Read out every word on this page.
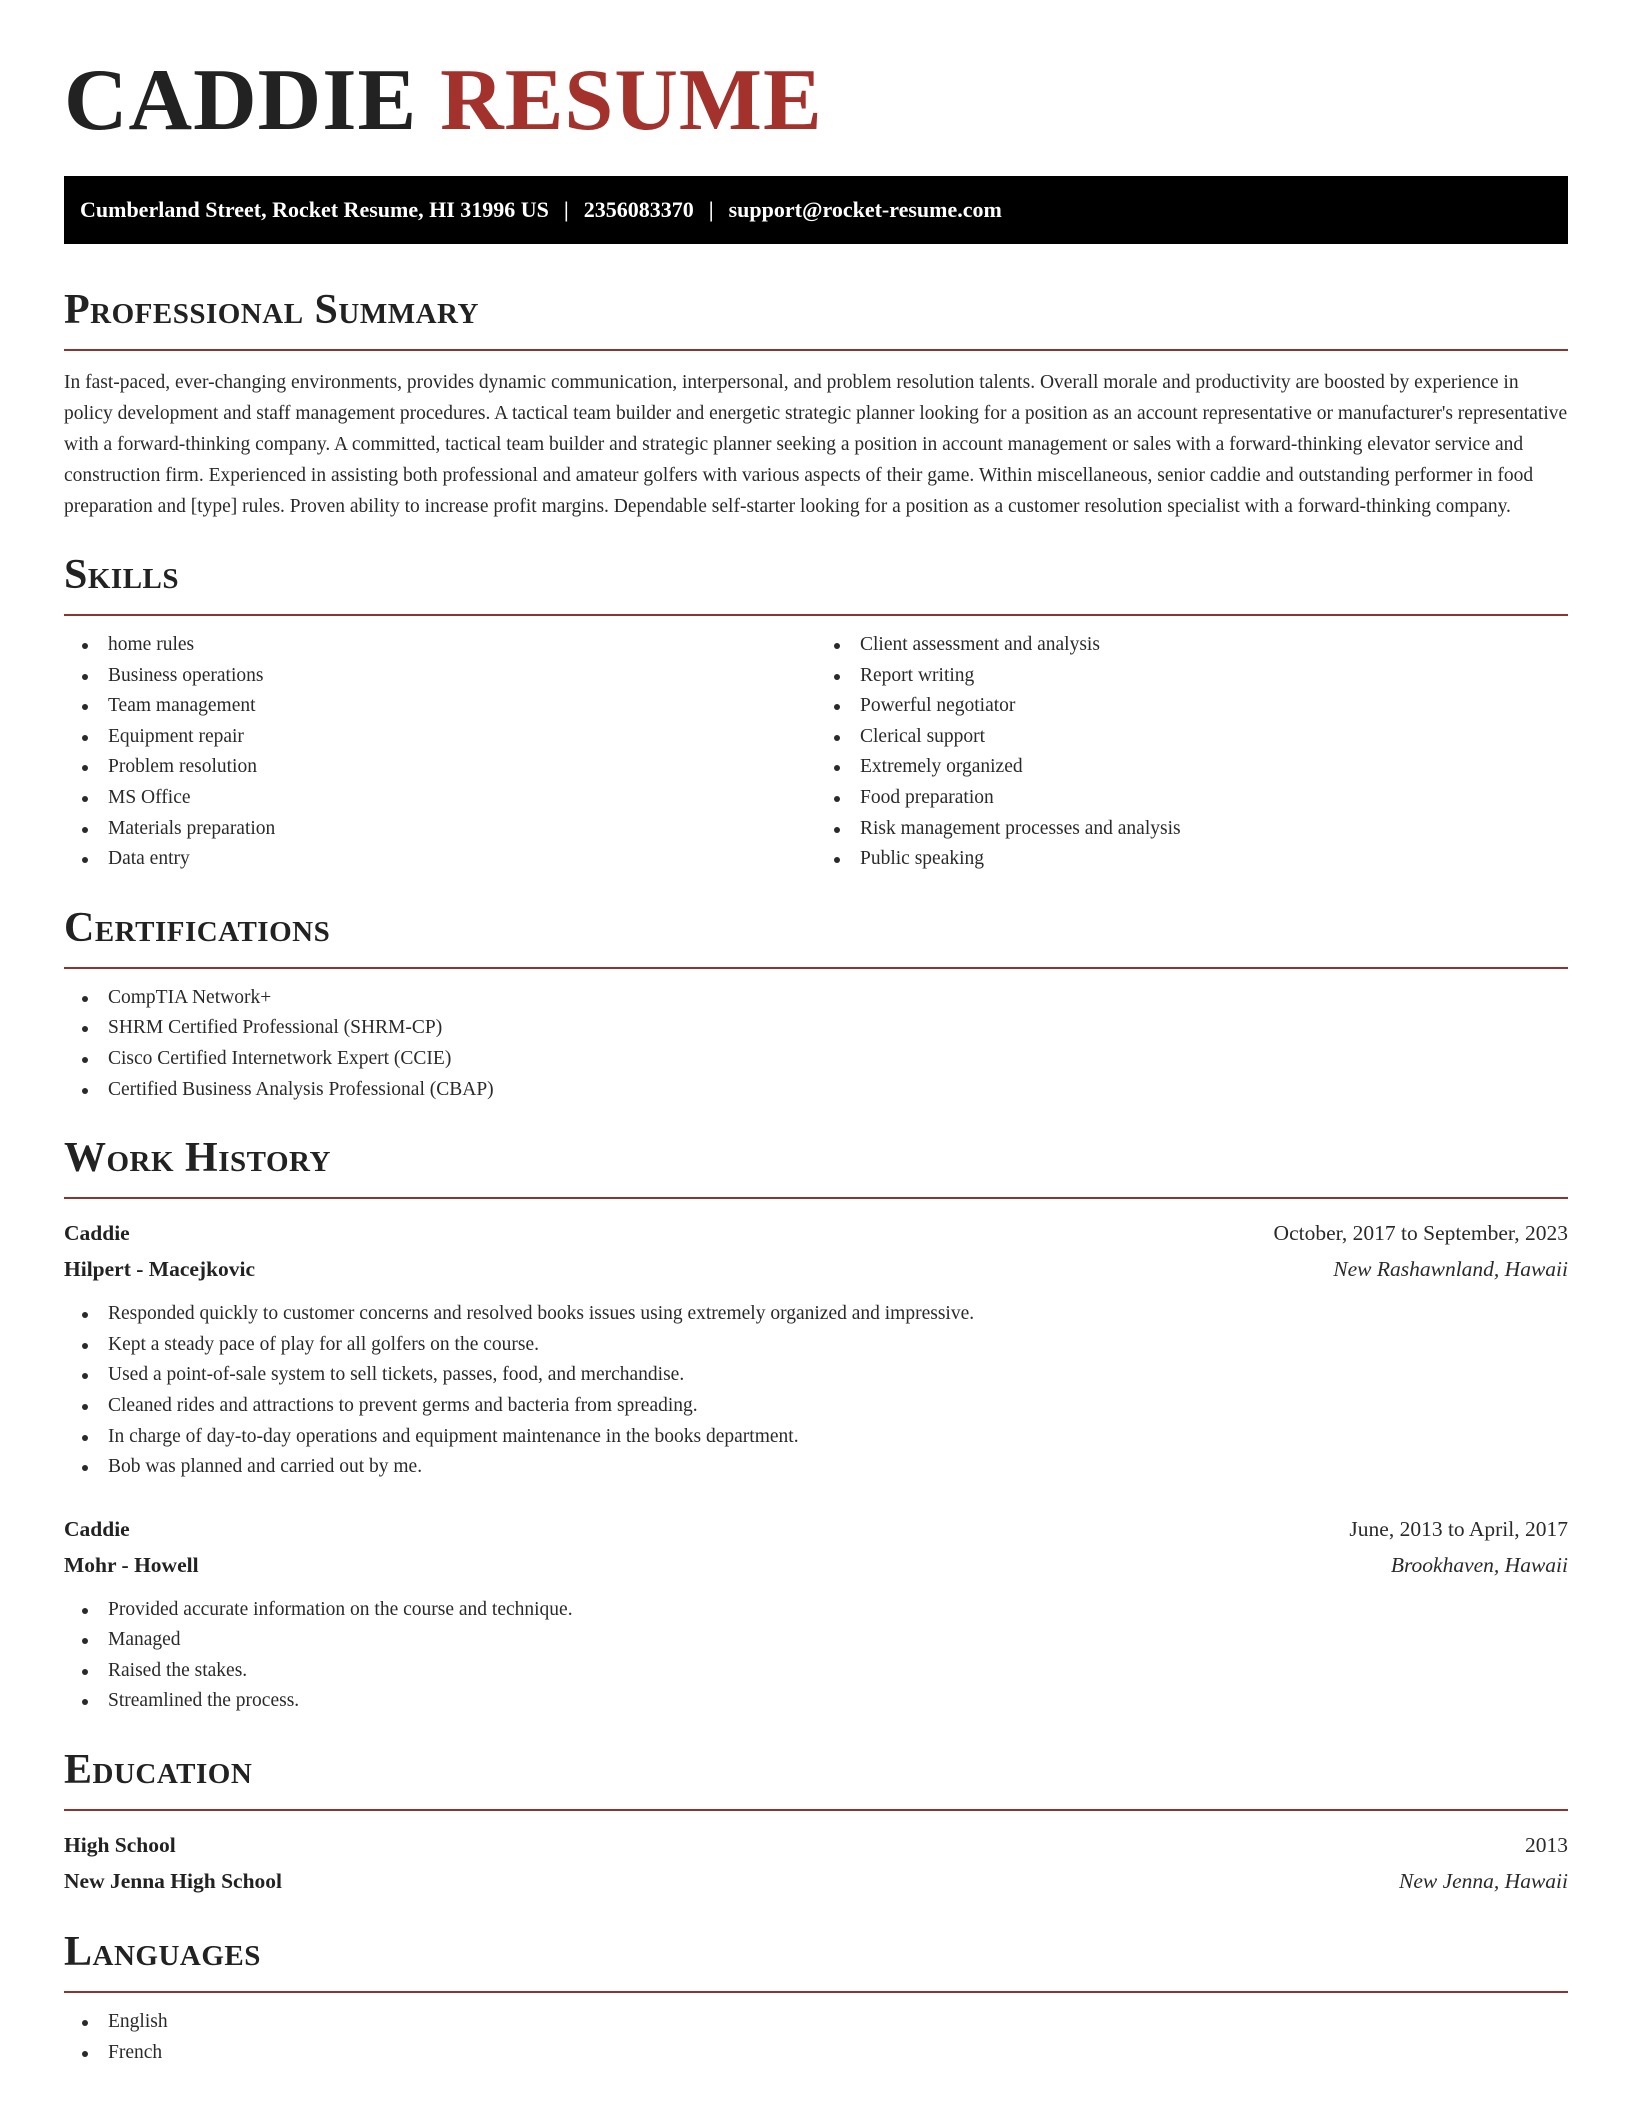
CADDIE RESUME
Cumberland Street, Rocket Resume, HI 31996 US | 2356083370 | support@rocket-resume.com
Professional Summary

In fast-paced, ever-changing environments, provides dynamic communication, interpersonal, and problem resolution talents. Overall morale and productivity are boosted by experience in policy development and staff management procedures. A tactical team builder and energetic strategic planner looking for a position as an account representative or manufacturer's representative with a forward-thinking company. A committed, tactical team builder and strategic planner seeking a position in account management or sales with a forward-thinking elevator service and construction firm. Experienced in assisting both professional and amateur golfers with various aspects of their game. Within miscellaneous, senior caddie and outstanding performer in food preparation and [type] rules. Proven ability to increase profit margins. Dependable self-starter looking for a position as a customer resolution specialist with a forward-thinking company.

Skills
home rules
Business operations
Team management
Equipment repair
Problem resolution
MS Office
Materials preparation
Data entry
Client assessment and analysis
Report writing
Powerful negotiator
Clerical support
Extremely organized
Food preparation
Risk management processes and analysis
Public speaking
Certifications
CompTIA Network+
SHRM Certified Professional (SHRM-CP)
Cisco Certified Internetwork Expert (CCIE)
Certified Business Analysis Professional (CBAP)
Work History
Caddie	October, 2017 to September, 2023
Hilpert - Macejkovic	New Rashawnland, Hawaii
Responded quickly to customer concerns and resolved books issues using extremely organized and impressive.
Kept a steady pace of play for all golfers on the course.
Used a point-of-sale system to sell tickets, passes, food, and merchandise.
Cleaned rides and attractions to prevent germs and bacteria from spreading.
In charge of day-to-day operations and equipment maintenance in the books department.
Bob was planned and carried out by me.
Caddie	June, 2013 to April, 2017
Mohr - Howell	Brookhaven, Hawaii
Provided accurate information on the course and technique.
Managed
Raised the stakes.
Streamlined the process.
Education
High School	2013
New Jenna High School	New Jenna, Hawaii
Languages
English
French
